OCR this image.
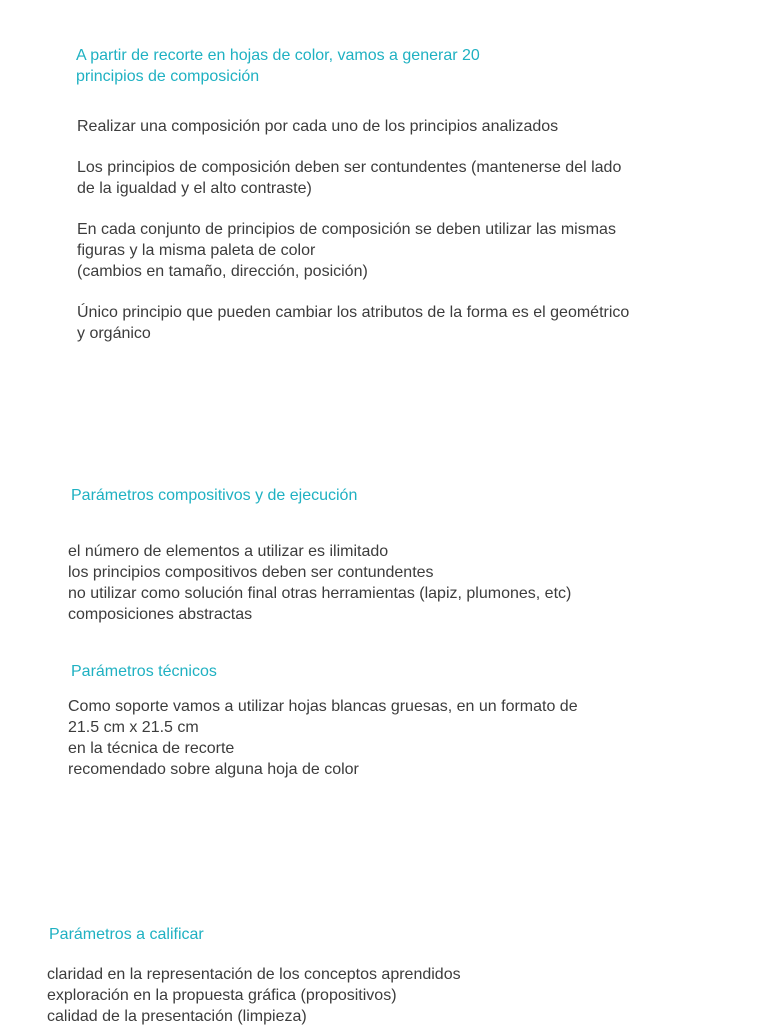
A partir de recorte en hojas de color, vamos a generar 20
principios de composición

Realizar una composición por cada uno de los principios analizados

Los principios de composición deben ser contundentes (mantenerse del lado
de la igualdad y el alto contraste)

En cada conjunto de principios de composición se deben utilizar las mismas
figuras y la misma paleta de color
(cambios en tamaño, dirección, posición)

Único principio que pueden cambiar los atributos de la forma es el geométrico
y orgánico

Parámetros compositivos y de ejecución
el número de elementos a utilizar es ilimitado
los principios compositivos deben ser contundentes
no utilizar como solución final otras herramientas (lapiz, plumones, etc)
composiciones abstractas
Parámetros técnicos
Como soporte vamos a utilizar hojas blancas gruesas, en un formato de
21.5 cm x 21.5 cm
en la técnica de recorte
recomendado sobre alguna hoja de color
Parámetros a calificar
claridad en la representación de los conceptos aprendidos
exploración en la propuesta gráfica (propositivos)
calidad de la presentación (limpieza)
